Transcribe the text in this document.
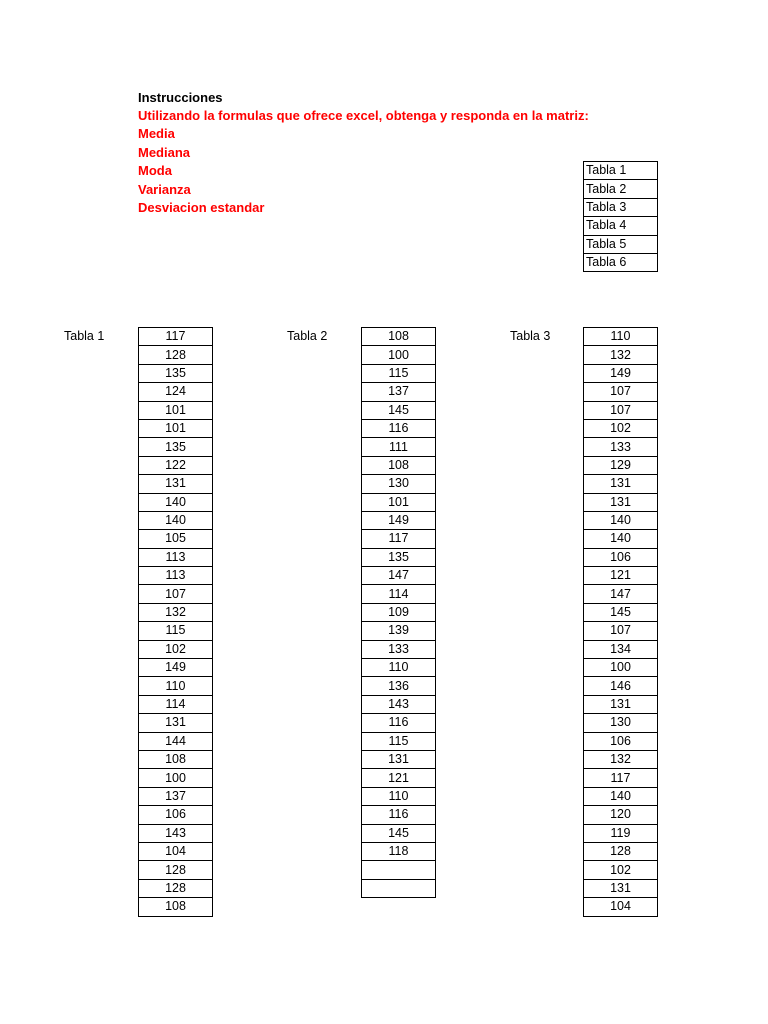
Instrucciones
Utilizando la formulas que ofrece excel, obtenga y responda en la matriz:
Media
Mediana
Moda
Varianza
Desviacion estandar
Tabla 1
Tabla 2
Tabla 3
Tabla 4
Tabla 5
Tabla 6
Tabla 1	117
128
135
124
101
101
135
122
131
140
140
105
113
113
107
132
115
102
149
110
114
131
144
108
100
137
106
143
104
128
128
108
Tabla 2	108
100
115
137
145
116
111
108
130
101
149
117
135
147
114
109
139
133
110
136
143
116
115
131
121
110
116
145
118

Tabla 3	110
132
149
107
107
102
133
129
131
131
140
140
106
121
147
145
107
134
100
146
131
130
106
132
117
140
120
119
128
102
131
104
